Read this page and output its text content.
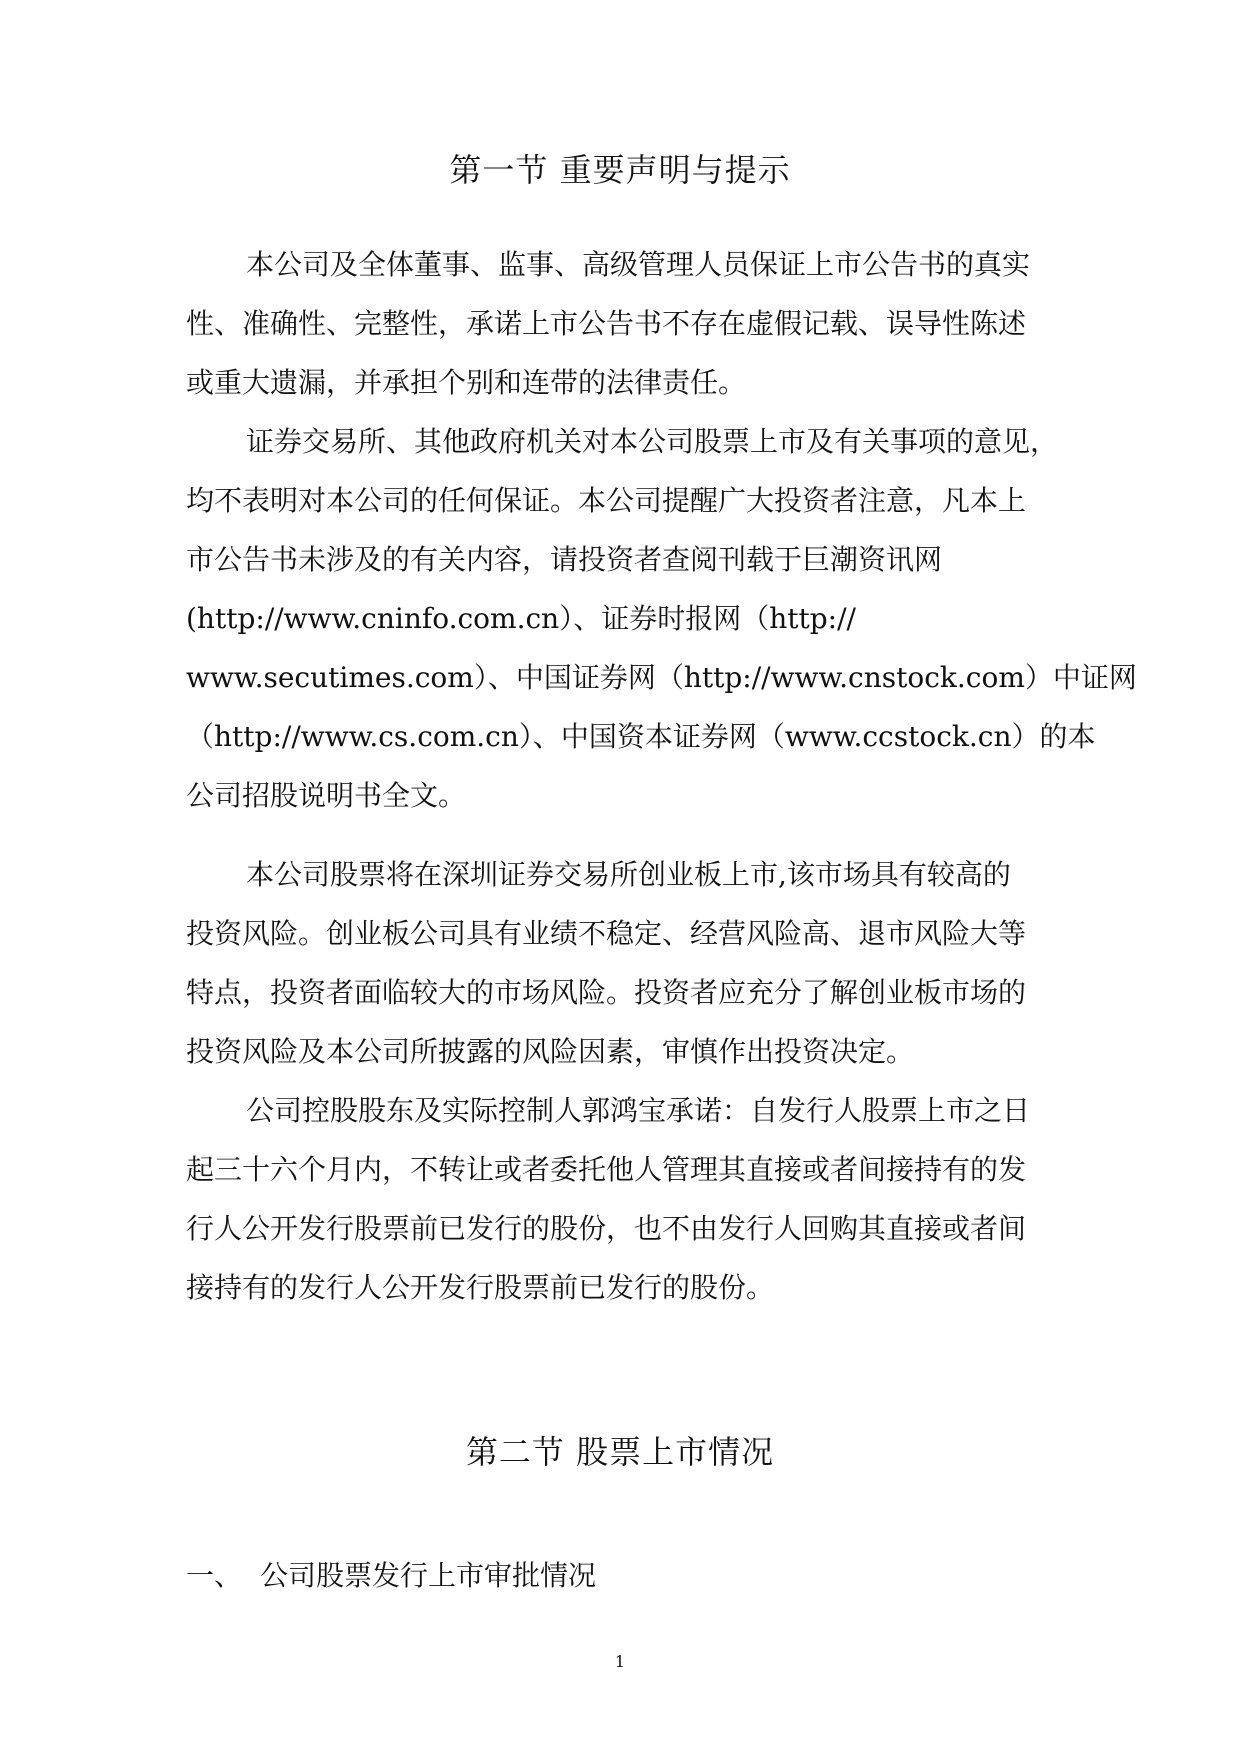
第一节 重要声明与提示
本公司及全体董事、监事、高级管理人员保证上市公告书的真实
性、准确性、完整性，承诺上市公告书不存在虚假记载、误导性陈述
或重大遗漏，并承担个别和连带的法律责任。
证券交易所、其他政府机关对本公司股票上市及有关事项的意见，
均不表明对本公司的任何保证。本公司提醒广大投资者注意，凡本上
市公告书未涉及的有关内容，请投资者查阅刊载于巨潮资讯网
(http://www.cninfo.com.cn）、证券时报网（http://
www.secutimes.com）、中国证券网（http://www.cnstock.com）中证网
（http://www.cs.com.cn）、中国资本证券网（www.ccstock.cn）的本
公司招股说明书全文。
本公司股票将在深圳证券交易所创业板上市,该市场具有较高的
投资风险。创业板公司具有业绩不稳定、经营风险高、退市风险大等
特点，投资者面临较大的市场风险。投资者应充分了解创业板市场的
投资风险及本公司所披露的风险因素，审慎作出投资决定。
公司控股股东及实际控制人郭鸿宝承诺：自发行人股票上市之日
起三十六个月内，不转让或者委托他人管理其直接或者间接持有的发
行人公开发行股票前已发行的股份，也不由发行人回购其直接或者间
接持有的发行人公开发行股票前已发行的股份。
第二节 股票上市情况
一、 公司股票发行上市审批情况
1
